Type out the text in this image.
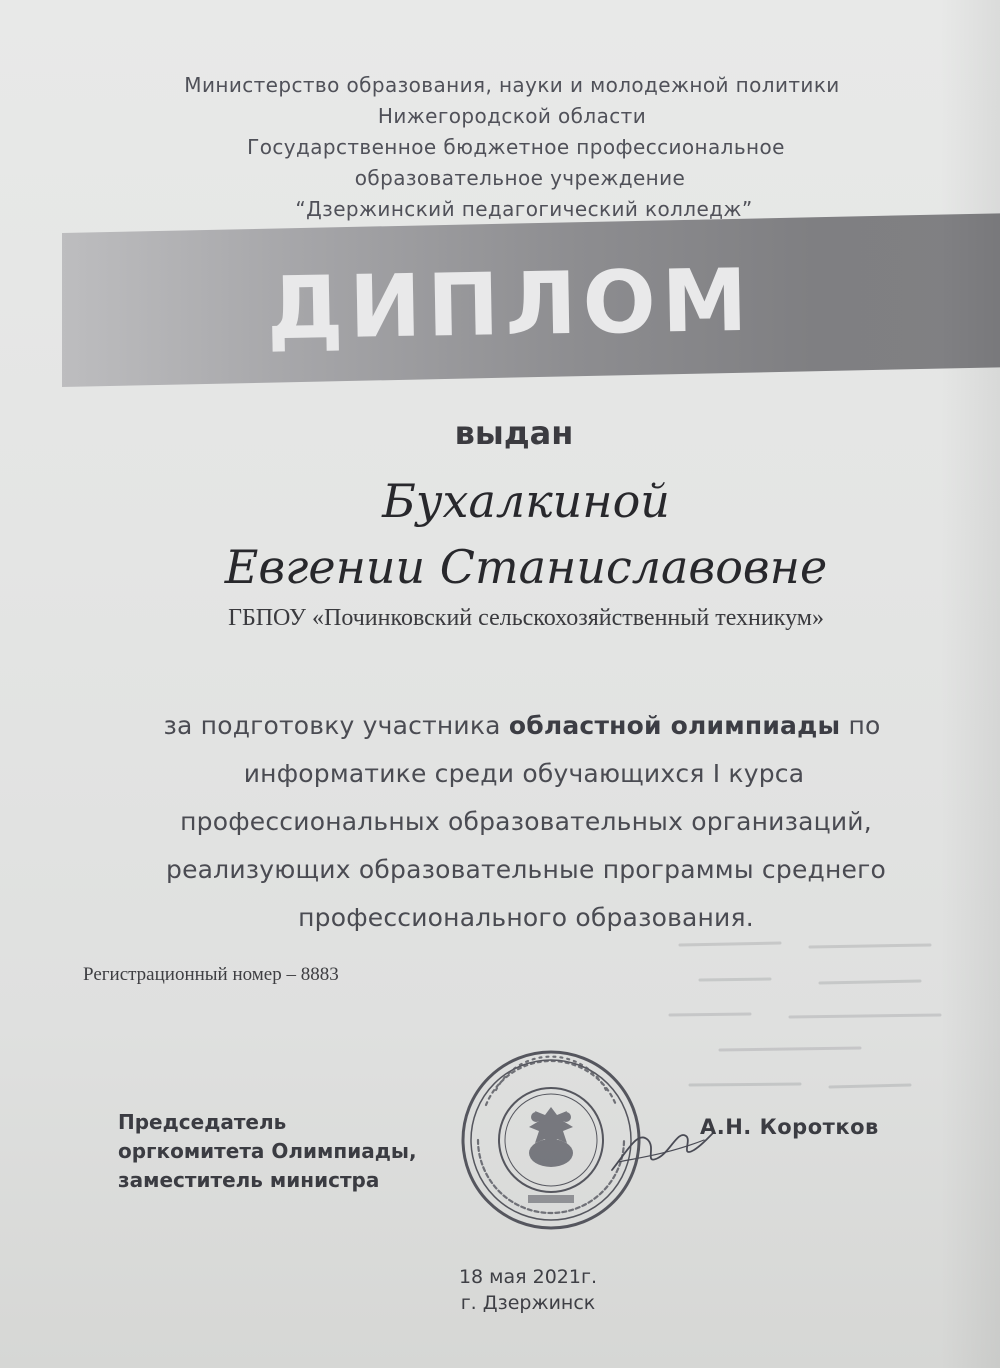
Министерство образования, науки и молодежной политики
Нижегородской области
Государственное бюджетное профессиональное
образовательное учреждение
“Дзержинский педагогический колледж”
ДИПЛОМ
выдан
Бухалкиной
Евгении Станиславовне
ГБПОУ «Починковский сельскохозяйственный техникум»
за подготовку участника областной олимпиады по
информатике среди обучающихся I курса
профессиональных образовательных организаций,
реализующих образовательные программы среднего
профессионального образования.
Регистрационный номер – 8883
Председатель
оргкомитета Олимпиады,
заместитель министра
А.Н. Коротков
18 мая 2021г.
г. Дзержинск
